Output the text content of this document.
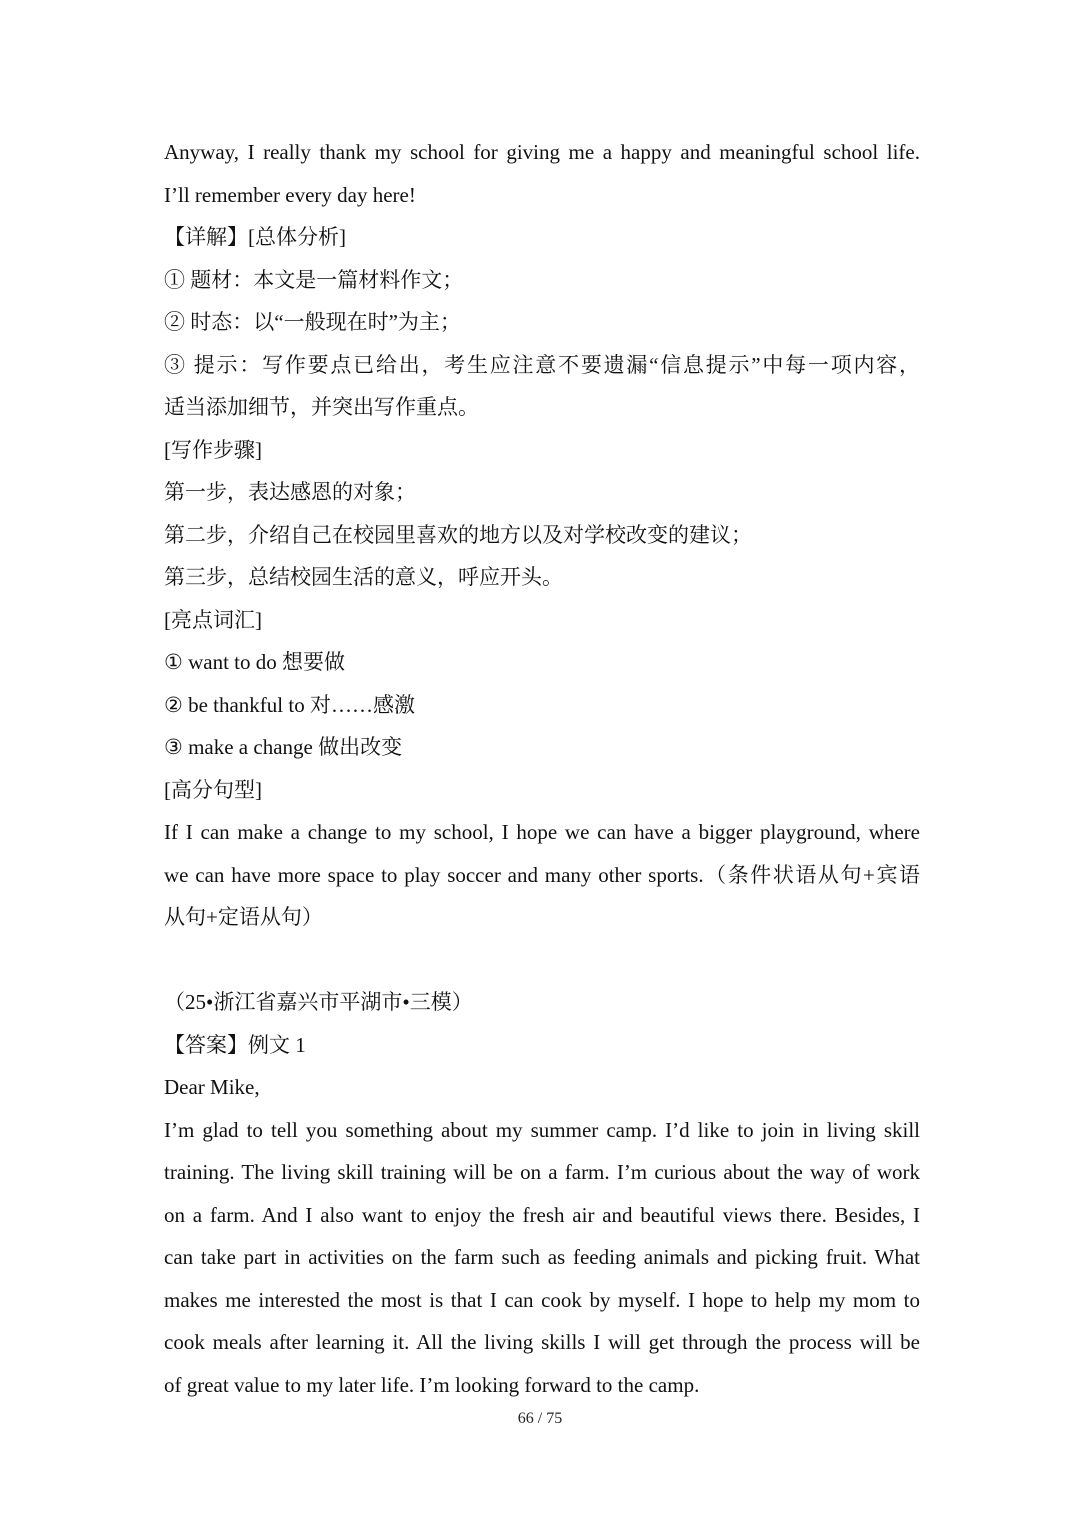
Anyway, I really thank my school for giving me a happy and meaningful school life.
I’ll remember every day here!
【详解】[总体分析]
① 题材：本文是一篇材料作文；
② 时态：以“一般现在时”为主；
③ 提示：写作要点已给出，考生应注意不要遗漏“信息提示”中每一项内容，
适当添加细节，并突出写作重点。
[写作步骤]
第一步，表达感恩的对象；
第二步，介绍自己在校园里喜欢的地方以及对学校改变的建议；
第三步，总结校园生活的意义，呼应开头。
[亮点词汇]
① want to do 想要做
② be thankful to 对……感激
③ make a change 做出改变
[高分句型]
If I can make a change to my school, I hope we can have a bigger playground, where
we can have more space to play soccer and many other sports.（条件状语从句+宾语
从句+定语从句）
（25•浙江省嘉兴市平湖市•三模）
【答案】例文 1
Dear Mike,
I’m glad to tell you something about my summer camp. I’d like to join in living skill
training. The living skill training will be on a farm. I’m curious about the way of work
on a farm. And I also want to enjoy the fresh air and beautiful views there. Besides, I
can take part in activities on the farm such as feeding animals and picking fruit. What
makes me interested the most is that I can cook by myself. I hope to help my mom to
cook meals after learning it. All the living skills I will get through the process will be
of great value to my later life. I’m looking forward to the camp.
66 / 75
